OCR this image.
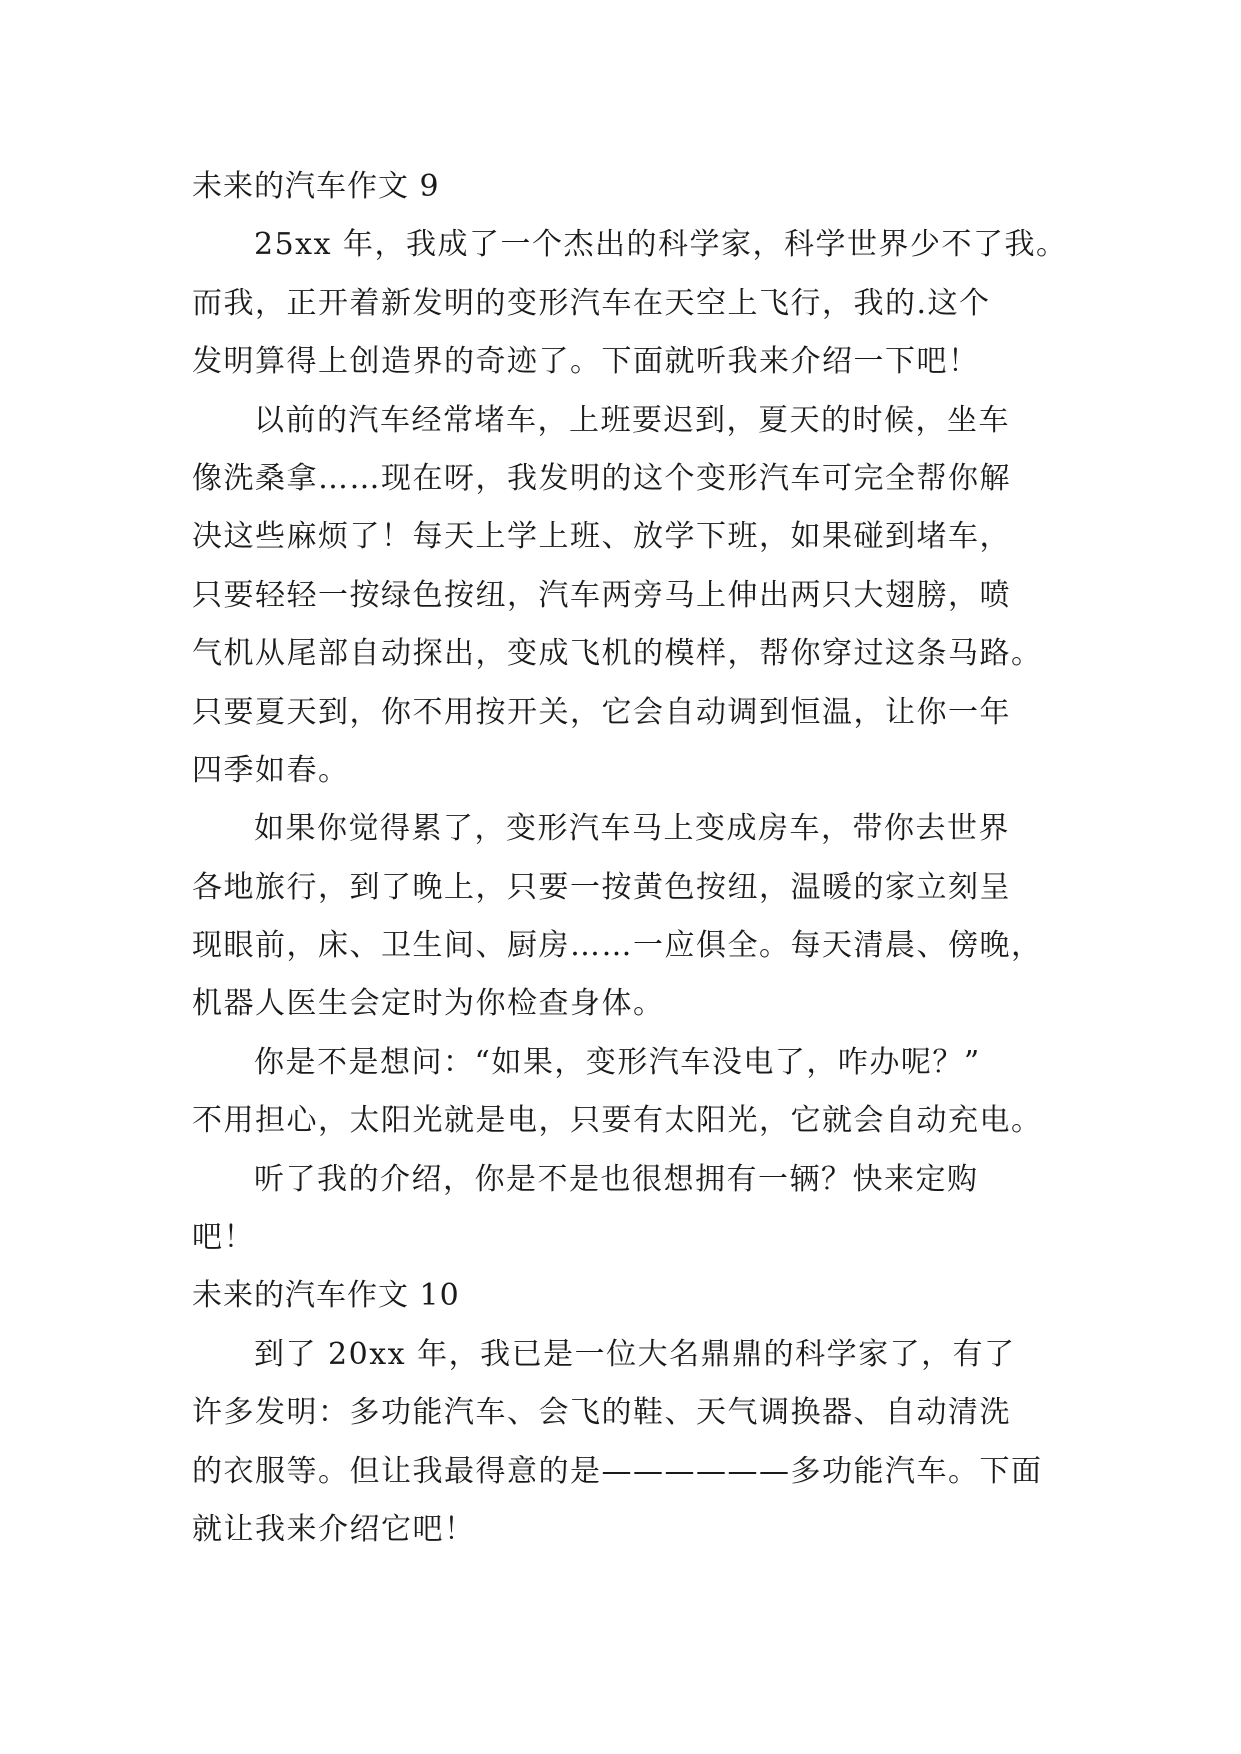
未来的汽车作文 9
25xx 年，我成了一个杰出的科学家，科学世界少不了我。
而我，正开着新发明的变形汽车在天空上飞行，我的.这个
发明算得上创造界的奇迹了。下面就听我来介绍一下吧！
以前的汽车经常堵车，上班要迟到，夏天的时候，坐车
像洗桑拿……现在呀，我发明的这个变形汽车可完全帮你解
决这些麻烦了！每天上学上班、放学下班，如果碰到堵车，
只要轻轻一按绿色按纽，汽车两旁马上伸出两只大翅膀，喷
气机从尾部自动探出，变成飞机的模样，帮你穿过这条马路。
只要夏天到，你不用按开关，它会自动调到恒温，让你一年
四季如春。
如果你觉得累了，变形汽车马上变成房车，带你去世界
各地旅行，到了晚上，只要一按黄色按纽，温暖的家立刻呈
现眼前，床、卫生间、厨房……一应俱全。每天清晨、傍晚，
机器人医生会定时为你检查身体。
你是不是想问：“如果，变形汽车没电了，咋办呢？”
不用担心，太阳光就是电，只要有太阳光，它就会自动充电。
听了我的介绍，你是不是也很想拥有一辆？快来定购
吧！
未来的汽车作文 10
到了 20xx 年，我已是一位大名鼎鼎的科学家了，有了
许多发明：多功能汽车、会飞的鞋、天气调换器、自动清洗
的衣服等。但让我最得意的是——————多功能汽车。下面
就让我来介绍它吧！
